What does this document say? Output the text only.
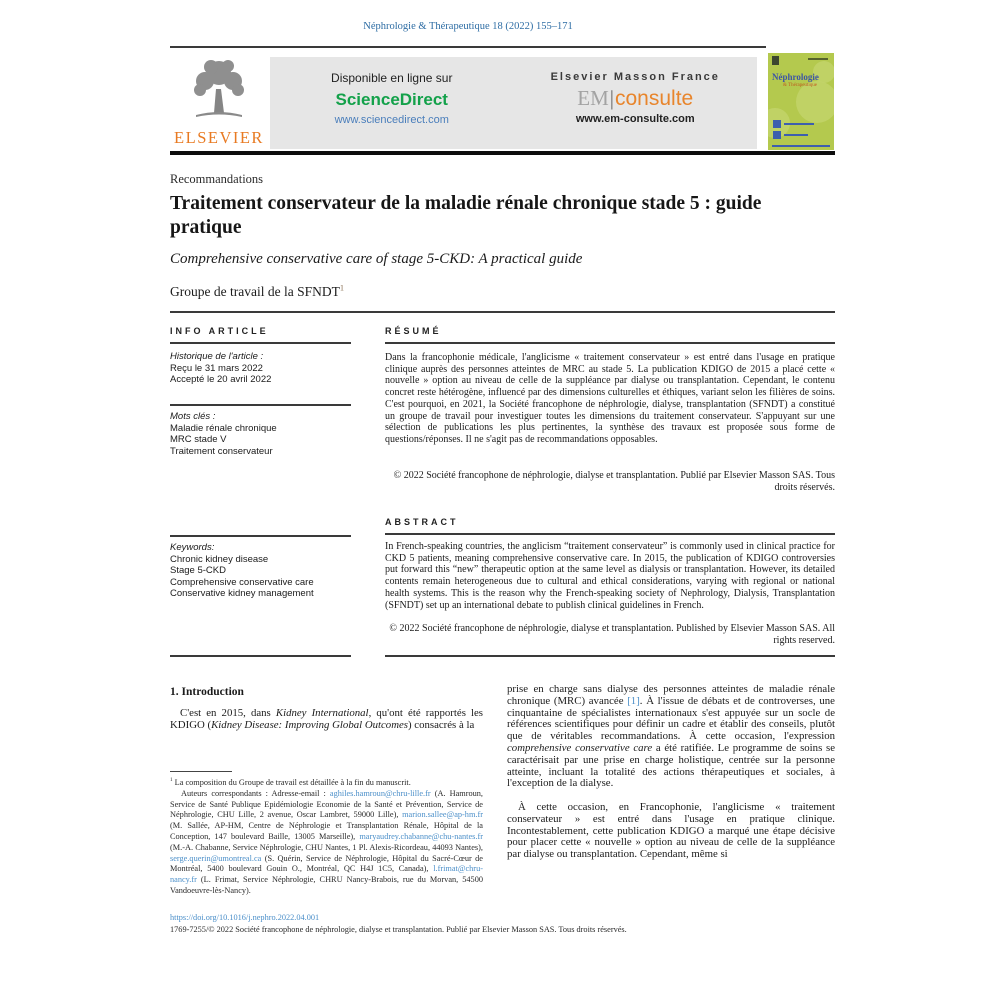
Néphrologie & Thérapeutique 18 (2022) 155–171
ELSEVIER
Disponible en ligne sur
ScienceDirect
www.sciencedirect.com
Elsevier Masson France
EM|consulte
www.em-consulte.com
Néphrologie
& Thérapeutique
Recommandations
Traitement conservateur de la maladie rénale chronique stade 5 : guide pratique
Comprehensive conservative care of stage 5-CKD: A practical guide
Groupe de travail de la SFNDT$^1$
INFO ARTICLE
Historique de l'article :
Reçu le 31 mars 2022
Accepté le 20 avril 2022
Mots clés :
Maladie rénale chronique
MRC stade V
Traitement conservateur
Keywords:
Chronic kidney disease
Stage 5-CKD
Comprehensive conservative care
Conservative kidney management
RÉSUMÉ
Dans la francophonie médicale, l'anglicisme « traitement conservateur » est entré dans l'usage en pratique clinique auprès des personnes atteintes de MRC au stade 5. La publication KDIGO de 2015 a placé cette « nouvelle » option au niveau de celle de la suppléance par dialyse ou transplantation. Cependant, le contenu concret reste hétérogène, influencé par des dimensions culturelles et éthiques, variant selon les filières de soins. C'est pourquoi, en 2021, la Société francophone de néphrologie, dialyse, transplantation (SFNDT) a constitué un groupe de travail pour investiguer toutes les dimensions du traitement conservateur. S'appuyant sur une sélection de publications les plus pertinentes, la synthèse des travaux est proposée sous forme de questions/réponses. Il ne s'agit pas de recommandations opposables.
© 2022 Société francophone de néphrologie, dialyse et transplantation. Publié par Elsevier Masson SAS. Tous droits réservés.
ABSTRACT
In French-speaking countries, the anglicism “traitement conservateur” is commonly used in clinical practice for CKD 5 patients, meaning comprehensive conservative care. In 2015, the publication of KDIGO controversies put forward this “new” therapeutic option at the same level as dialysis or transplantation. However, its detailed contents remain heterogeneous due to cultural and ethical considerations, varying with regional or national health systems. This is the reason why the French-speaking society of Nephrology, Dialysis, Transplantation (SFNDT) set up an international debate to publish clinical guidelines in French.
© 2022 Société francophone de néphrologie, dialyse et transplantation. Published by Elsevier Masson SAS. All rights reserved.
1. Introduction
C'est en 2015, dans Kidney International, qu'ont été rapportés les KDIGO (Kidney Disease: Improving Global Outcomes) consacrés à la
$^1$ La composition du Groupe de travail est détaillée à la fin du manuscrit.
Auteurs correspondants : Adresse-email : aghiles.hamroun@chru-lille.fr (A. Hamroun, Service de Santé Publique Epidémiologie Economie de la Santé et Prévention, Service de Néphrologie, CHU Lille, 2 avenue, Oscar Lambret, 59000 Lille), marion.sallee@ap-hm.fr (M. Sallée, AP-HM, Centre de Néphrologie et Transplantation Rénale, Hôpital de la Conception, 147 boulevard Baille, 13005 Marseille), maryaudrey.chabanne@chu-nantes.fr (M.-A. Chabanne, Service Néphrologie, CHU Nantes, 1 Pl. Alexis-Ricordeau, 44093 Nantes), serge.querin@umontreal.ca (S. Quérin, Service de Néphrologie, Hôpital du Sacré-Cœur de Montréal, 5400 boulevard Gouin O., Montréal, QC H4J 1C5, Canada), l.frimat@chru-nancy.fr (L. Frimat, Service Néphrologie, CHRU Nancy-Brabois, rue du Morvan, 54500 Vandoeuvre-lès-Nancy).
prise en charge sans dialyse des personnes atteintes de maladie rénale chronique (MRC) avancée [1]. À l'issue de débats et de controverses, une cinquantaine de spécialistes internationaux s'est appuyée sur un socle de références scientifiques pour définir un cadre et établir des conseils, plutôt que de véritables recommandations. À cette occasion, l'expression comprehensive conservative care a été ratifiée. Le programme de soins se caractérisait par une prise en charge holistique, centrée sur la personne atteinte, incluant la totalité des actions thérapeutiques et sociales, à l'exception de la dialyse.
À cette occasion, en Francophonie, l'anglicisme « traitement conservateur » est entré dans l'usage en pratique clinique. Incontestablement, cette publication KDIGO a marqué une étape décisive pour placer cette « nouvelle » option au niveau de celle de la suppléance par dialyse ou transplantation. Cependant, même si
https://doi.org/10.1016/j.nephro.2022.04.001
1769-7255/© 2022 Société francophone de néphrologie, dialyse et transplantation. Publié par Elsevier Masson SAS. Tous droits réservés.
